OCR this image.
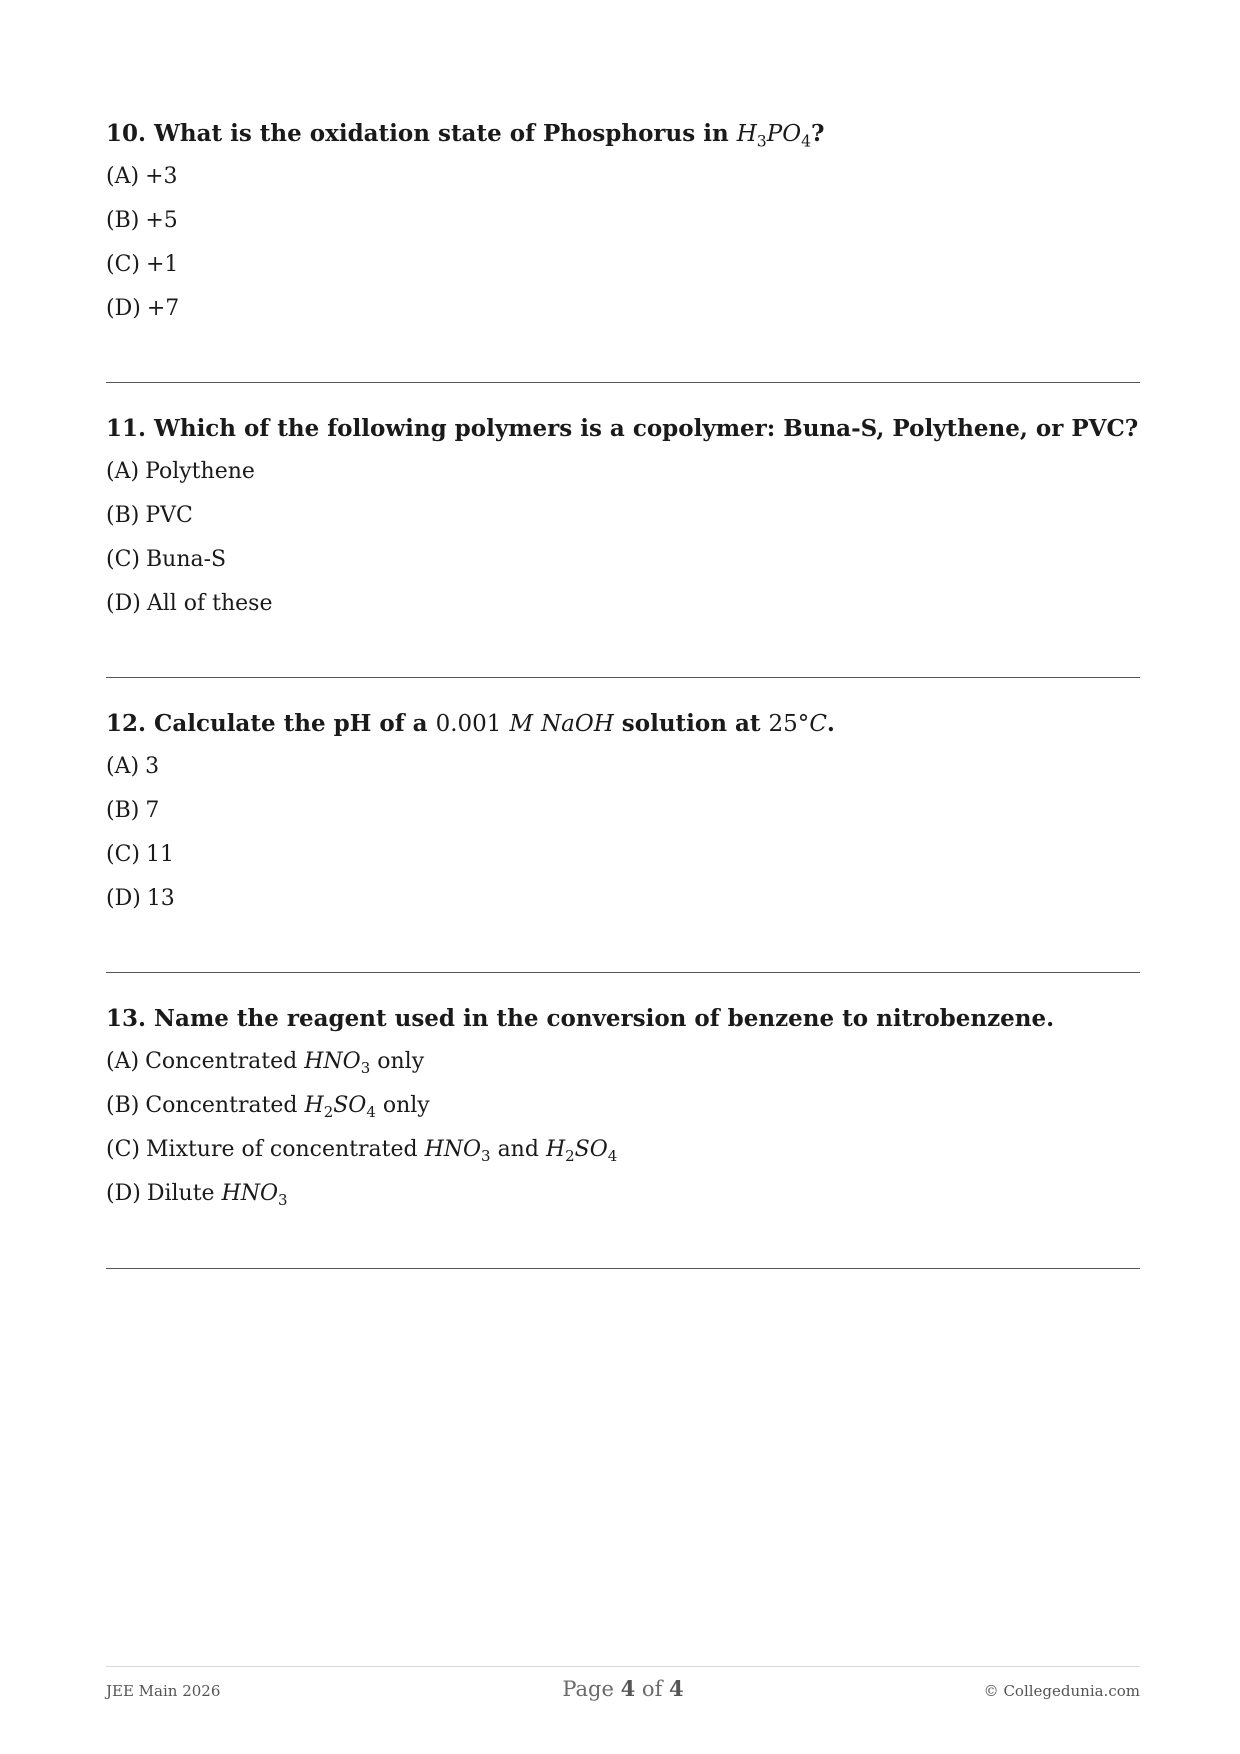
10. What is the oxidation state of Phosphorus in $H_3PO_4$?

(A) +3
(B) +5
(C) +1
(D) +7

11. Which of the following polymers is a copolymer: Buna-S, Polythene, or PVC?

(A) Polythene
(B) PVC
(C) Buna-S
(D) All of these

12. Calculate the pH of a 0.001 M NaOH solution at 25°C.

(A) 3
(B) 7
(C) 11
(D) 13

13. Name the reagent used in the conversion of benzene to nitrobenzene.

(A) Concentrated $HNO_3$ only
(B) Concentrated $H_2SO_4$ only
(C) Mixture of concentrated $HNO_3$ and $H_2SO_4$
(D) Dilute $HNO_3$
JEE Main 2026	Page 4 of 4	© Collegedunia.com
